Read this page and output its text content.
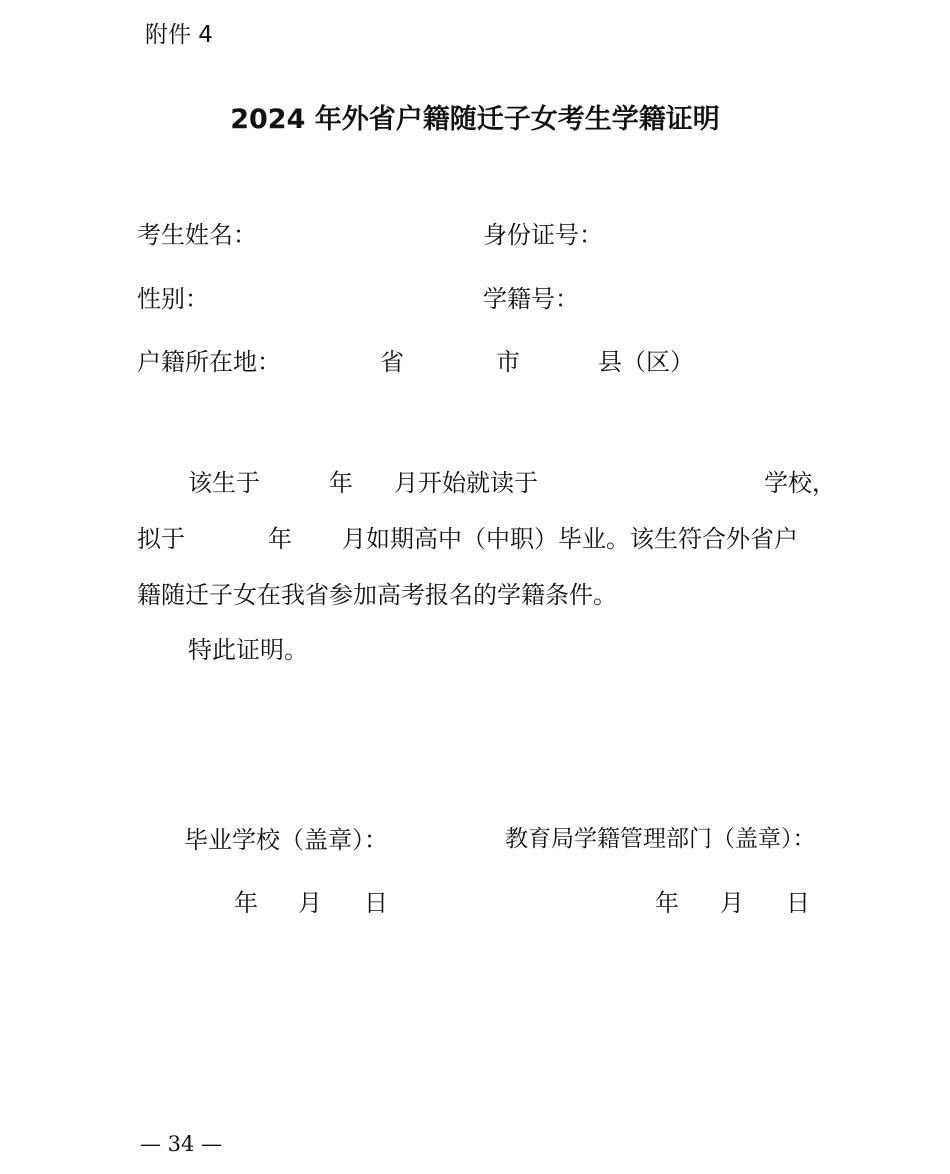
附件 4
2024 年外省户籍随迁子女考生学籍证明
考生姓名：	身份证号：
性别：	学籍号：
户籍所在地：	省	市	县（区）
该生于	年 月开始就读于	学校，
拟于	年 月如期高中（中职）毕业。该生符合外省户
籍随迁子女在我省参加高考报名的学籍条件。
特此证明。
毕业学校（盖章）：	教育局学籍管理部门（盖章）：
年 月 日	年 月 日
— 34 —
